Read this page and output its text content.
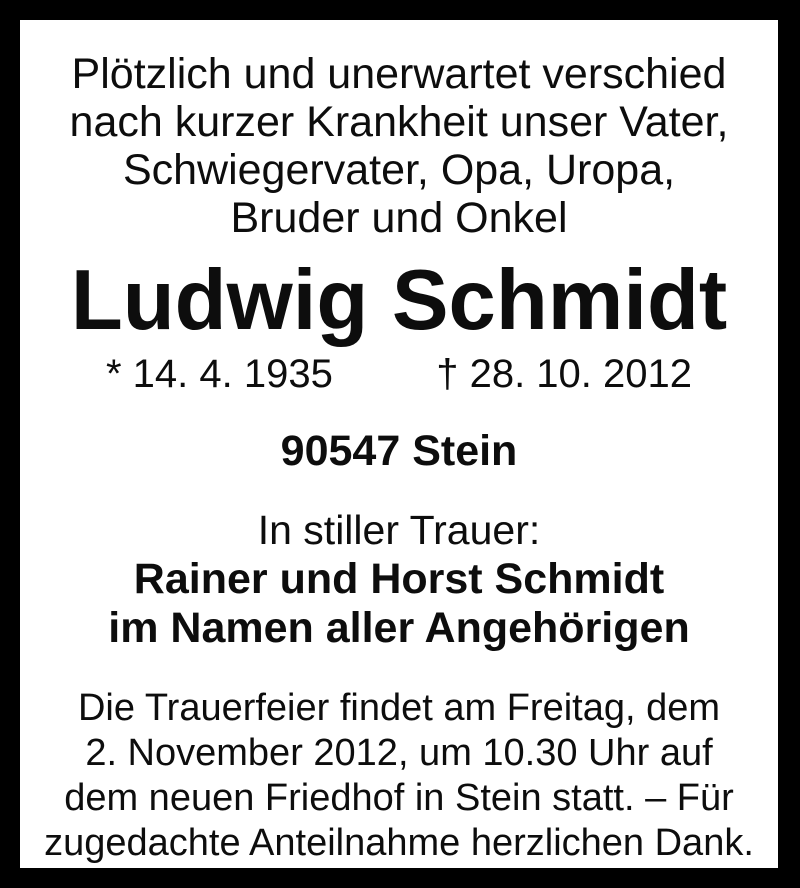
Plötzlich und unerwartet verschied
nach kurzer Krankheit unser Vater,
Schwiegervater, Opa, Uropa,
Bruder und Onkel
Ludwig Schmidt
* 14. 4. 1935	† 28. 10. 2012
90547 Stein
In stiller Trauer:
Rainer und Horst Schmidt
im Namen aller Angehörigen
Die Trauerfeier findet am Freitag, dem
2. November 2012, um 10.30 Uhr auf
dem neuen Friedhof in Stein statt. – Für
zugedachte Anteilnahme herzlichen Dank.
